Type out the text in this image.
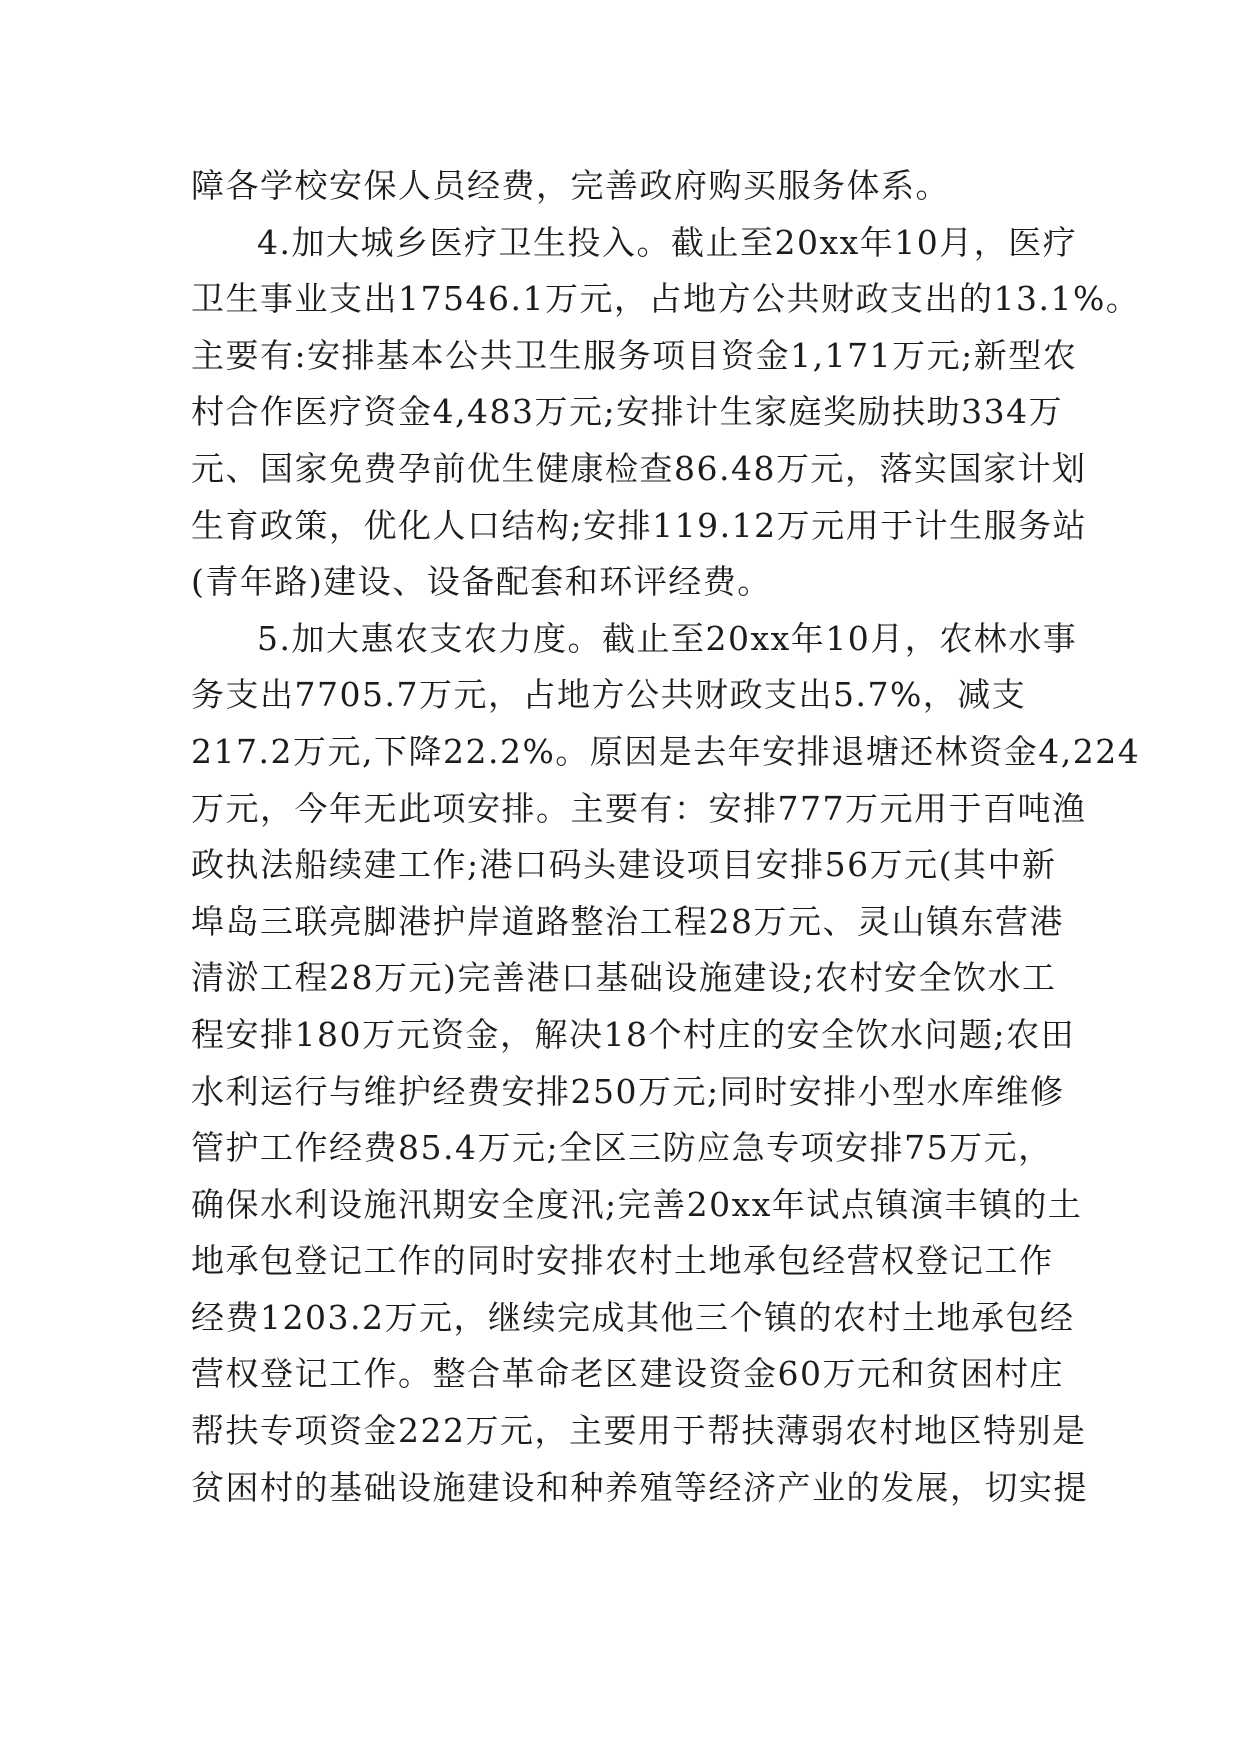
障各学校安保人员经费，完善政府购买服务体系。
4.加大城乡医疗卫生投入。截止至20xx年10月，医疗
卫生事业支出17546.1万元，占地方公共财政支出的13.1%。
主要有:安排基本公共卫生服务项目资金1,171万元;新型农
村合作医疗资金4,483万元;安排计生家庭奖励扶助334万
元、国家免费孕前优生健康检查86.48万元，落实国家计划
生育政策，优化人口结构;安排119.12万元用于计生服务站
(青年路)建设、设备配套和环评经费。
5.加大惠农支农力度。截止至20xx年10月，农林水事
务支出7705.7万元，占地方公共财政支出5.7%，减支
217.2万元,下降22.2%。原因是去年安排退塘还林资金4,224
万元，今年无此项安排。主要有：安排777万元用于百吨渔
政执法船续建工作;港口码头建设项目安排56万元(其中新
埠岛三联亮脚港护岸道路整治工程28万元、灵山镇东营港
清淤工程28万元)完善港口基础设施建设;农村安全饮水工
程安排180万元资金，解决18个村庄的安全饮水问题;农田
水利运行与维护经费安排250万元;同时安排小型水库维修
管护工作经费85.4万元;全区三防应急专项安排75万元，
确保水利设施汛期安全度汛;完善20xx年试点镇演丰镇的土
地承包登记工作的同时安排农村土地承包经营权登记工作
经费1203.2万元，继续完成其他三个镇的农村土地承包经
营权登记工作。整合革命老区建设资金60万元和贫困村庄
帮扶专项资金222万元，主要用于帮扶薄弱农村地区特别是
贫困村的基础设施建设和种养殖等经济产业的发展，切实提
